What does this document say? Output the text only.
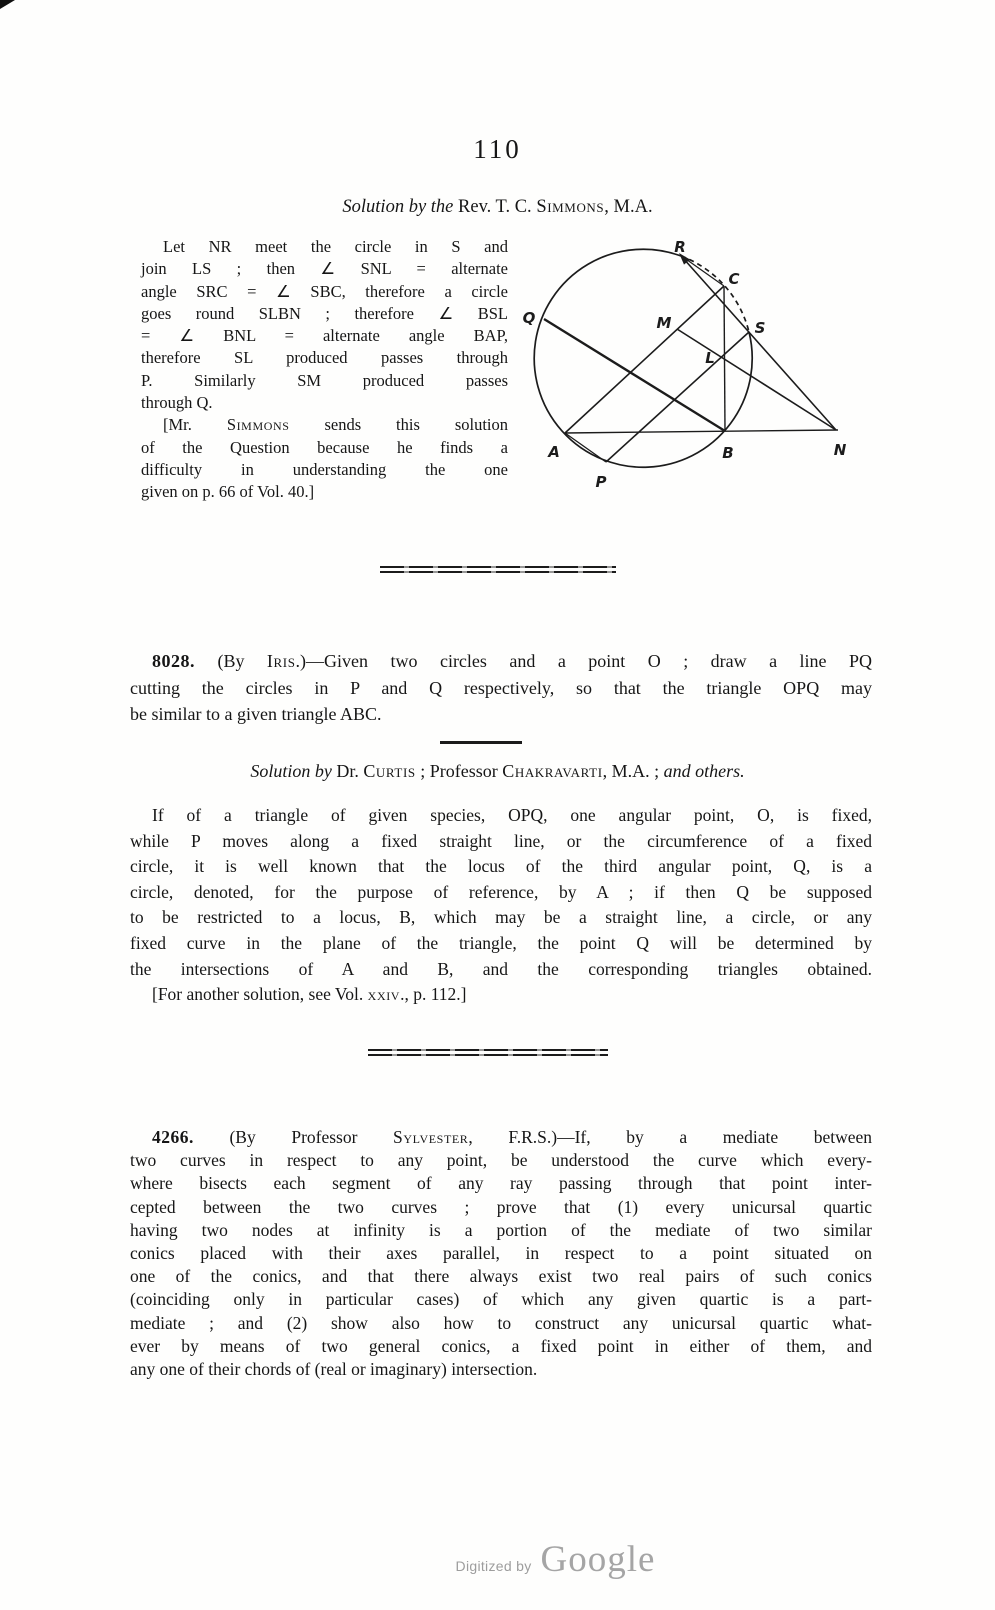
110
Solution by the Rev. T. C. Simmons, M.A.
Let NR meet the circle in S and
join LS ; then ∠ SNL = alternate
angle SRC = ∠ SBC, therefore a circle
goes round SLBN ; therefore ∠ BSL
= ∠ BNL = alternate angle BAP,
therefore SL produced passes through
P. Similarly SM produced passes
through Q.
[Mr. Simmons sends this solution
of the Question because he finds a
difficulty in understanding the one
given on p. 66 of Vol. 40.]
R
C
Q	M	S
L
A	B	N
P
8028. (By Iris.)—Given two circles and a point O ; draw a line PQ
cutting the circles in P and Q respectively, so that the triangle OPQ may
be similar to a given triangle ABC.
Solution by Dr. Curtis ; Professor Chakravarti, M.A. ; and others.
If of a triangle of given species, OPQ, one angular point, O, is fixed,
while P moves along a fixed straight line, or the circumference of a fixed
circle, it is well known that the locus of the third angular point, Q, is a
circle, denoted, for the purpose of reference, by A ; if then Q be supposed
to be restricted to a locus, B, which may be a straight line, a circle, or any
fixed curve in the plane of the triangle, the point Q will be determined by
the intersections of A and B, and the corresponding triangles obtained.
[For another solution, see Vol. xxiv., p. 112.]
4266. (By Professor Sylvester, F.R.S.)—If, by a mediate between
two curves in respect to any point, be understood the curve which every-
where bisects each segment of any ray passing through that point inter-
cepted between the two curves ; prove that (1) every unicursal quartic
having two nodes at infinity is a portion of the mediate of two similar
conics placed with their axes parallel, in respect to a point situated on
one of the conics, and that there always exist two real pairs of such conics
(coinciding only in particular cases) of which any given quartic is a part-
mediate ; and (2) show also how to construct any unicursal quartic what-
ever by means of two general conics, a fixed point in either of them, and
any one of their chords of (real or imaginary) intersection.
Digitized by Google
